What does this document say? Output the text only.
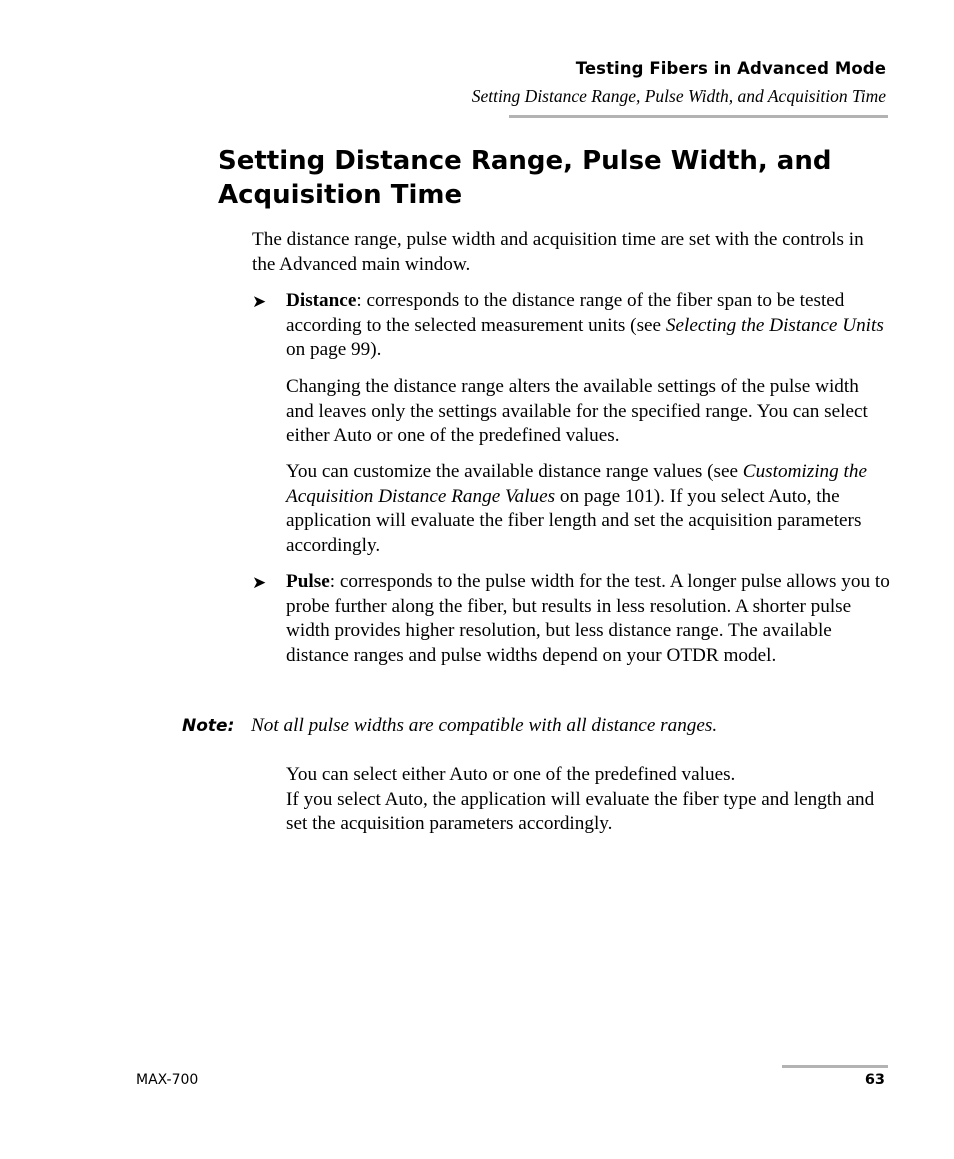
Testing Fibers in Advanced Mode
Setting Distance Range, Pulse Width, and Acquisition Time
Setting Distance Range, Pulse Width, and Acquisition Time

The distance range, pulse width and acquisition time are set with the controls in the Advanced main window.

➤ Distance: corresponds to the distance range of the fiber span to be tested according to the selected measurement units (see Selecting the Distance Units on page 99).

Changing the distance range alters the available settings of the pulse width and leaves only the settings available for the specified range. You can select either Auto or one of the predefined values.

You can customize the available distance range values (see Customizing the Acquisition Distance Range Values on page 101). If you select Auto, the application will evaluate the fiber length and set the acquisition parameters accordingly.

➤ Pulse: corresponds to the pulse width for the test. A longer pulse allows you to probe further along the fiber, but results in less resolution. A shorter pulse width provides higher resolution, but less distance range. The available distance ranges and pulse widths depend on your OTDR model.

Note: Not all pulse widths are compatible with all distance ranges.
You can select either Auto or one of the predefined values.
If you select Auto, the application will evaluate the fiber type and length and set the acquisition parameters accordingly.
MAX-700	63
